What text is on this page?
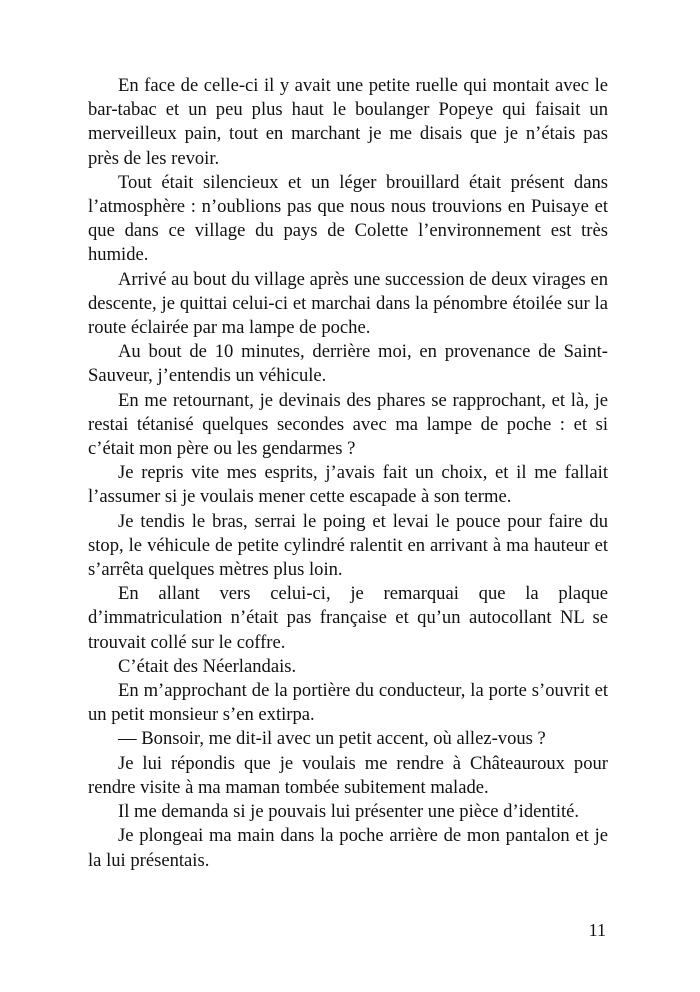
En face de celle-ci il y avait une petite ruelle qui montait avec le bar-tabac et un peu plus haut le boulanger Popeye qui faisait un merveilleux pain, tout en marchant je me disais que je n’étais pas près de les revoir.

Tout était silencieux et un léger brouillard était présent dans l’atmosphère : n’oublions pas que nous nous trouvions en Puisaye et que dans ce village du pays de Colette l’environnement est très humide.

Arrivé au bout du village après une succession de deux virages en descente, je quittai celui-ci et marchai dans la pénombre étoilée sur la route éclairée par ma lampe de poche.

Au bout de 10 minutes, derrière moi, en provenance de Saint-Sauveur, j’entendis un véhicule.

En me retournant, je devinais des phares se rapprochant, et là, je restai tétanisé quelques secondes avec ma lampe de poche : et si c’était mon père ou les gendarmes ?

Je repris vite mes esprits, j’avais fait un choix, et il me fallait l’assumer si je voulais mener cette escapade à son terme.

Je tendis le bras, serrai le poing et levai le pouce pour faire du stop, le véhicule de petite cylindré ralentit en arrivant à ma hauteur et s’arrêta quelques mètres plus loin.

En allant vers celui-ci, je remarquai que la plaque d’immatriculation n’était pas française et qu’un autocollant NL se trouvait collé sur le coffre.

C’était des Néerlandais.

En m’approchant de la portière du conducteur, la porte s’ouvrit et un petit monsieur s’en extirpa.

— Bonsoir, me dit-il avec un petit accent, où allez-vous ?

Je lui répondis que je voulais me rendre à Châteauroux pour rendre visite à ma maman tombée subitement malade.

Il me demanda si je pouvais lui présenter une pièce d’identité.

Je plongeai ma main dans la poche arrière de mon pantalon et je la lui présentais.

11
